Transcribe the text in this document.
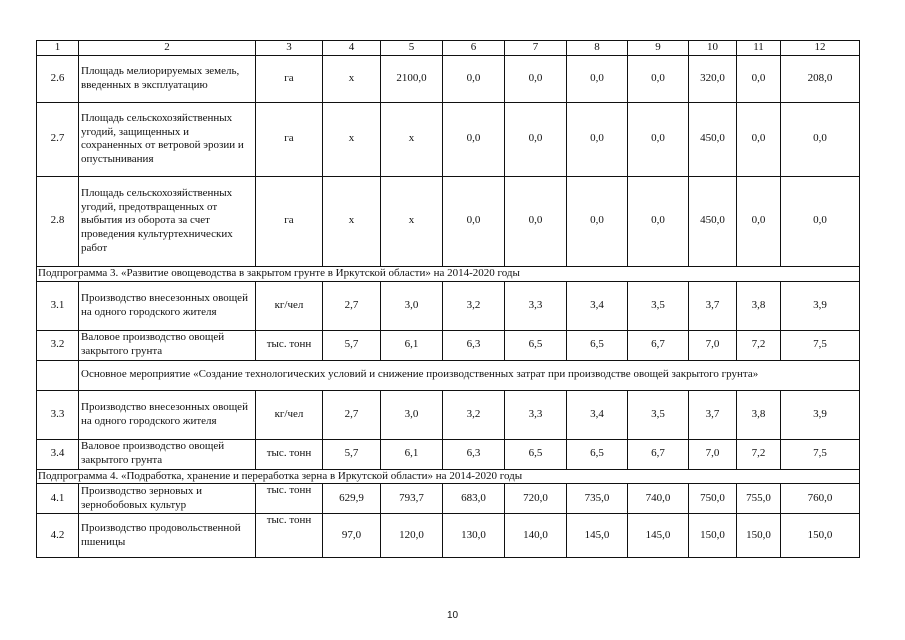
1	2	3	4	5	6	7	8	9	10	11	12
2.6	Площадь мелиорируемых земель, введенных в эксплуатацию	га	x	2100,0	0,0	0,0	0,0	0,0	320,0	0,0	208,0
2.7	Площадь сельскохозяйственных угодий, защищенных и сохраненных от ветровой эрозии и опустынивания	га	x	x	0,0	0,0	0,0	0,0	450,0	0,0	0,0
2.8	Площадь сельскохозяйственных угодий, предотвращенных от выбытия из оборота за счет проведения культуртехнических работ	га	x	x	0,0	0,0	0,0	0,0	450,0	0,0	0,0
Подпрограмма 3. «Развитие овощеводства в закрытом грунте в Иркутской области» на 2014-2020 годы											
3.1	Производство внесезонных овощей на одного городского жителя	кг/чел	2,7	3,0	3,2	3,3	3,4	3,5	3,7	3,8	3,9
3.2	Валовое производство овощей закрытого грунта	тыс. тонн	5,7	6,1	6,3	6,5	6,5	6,7	7,0	7,2	7,5
	Основное мероприятие «Создание технологических условий и снижение производственных затрат при производстве овощей закрытого грунта»										
3.3	Производство внесезонных овощей на одного городского жителя	кг/чел	2,7	3,0	3,2	3,3	3,4	3,5	3,7	3,8	3,9
3.4	Валовое производство овощей закрытого грунта	тыс. тонн	5,7	6,1	6,3	6,5	6,5	6,7	7,0	7,2	7,5
Подпрограмма 4. «Подработка, хранение и переработка зерна в Иркутской области» на 2014-2020 годы											
4.1	Производство зерновых и зернобобовых культур	тыс. тонн	629,9	793,7	683,0	720,0	735,0	740,0	750,0	755,0	760,0
4.2	Производство продовольственной пшеницы	тыс. тонн	97,0	120,0	130,0	140,0	145,0	145,0	150,0	150,0	150,0
10
